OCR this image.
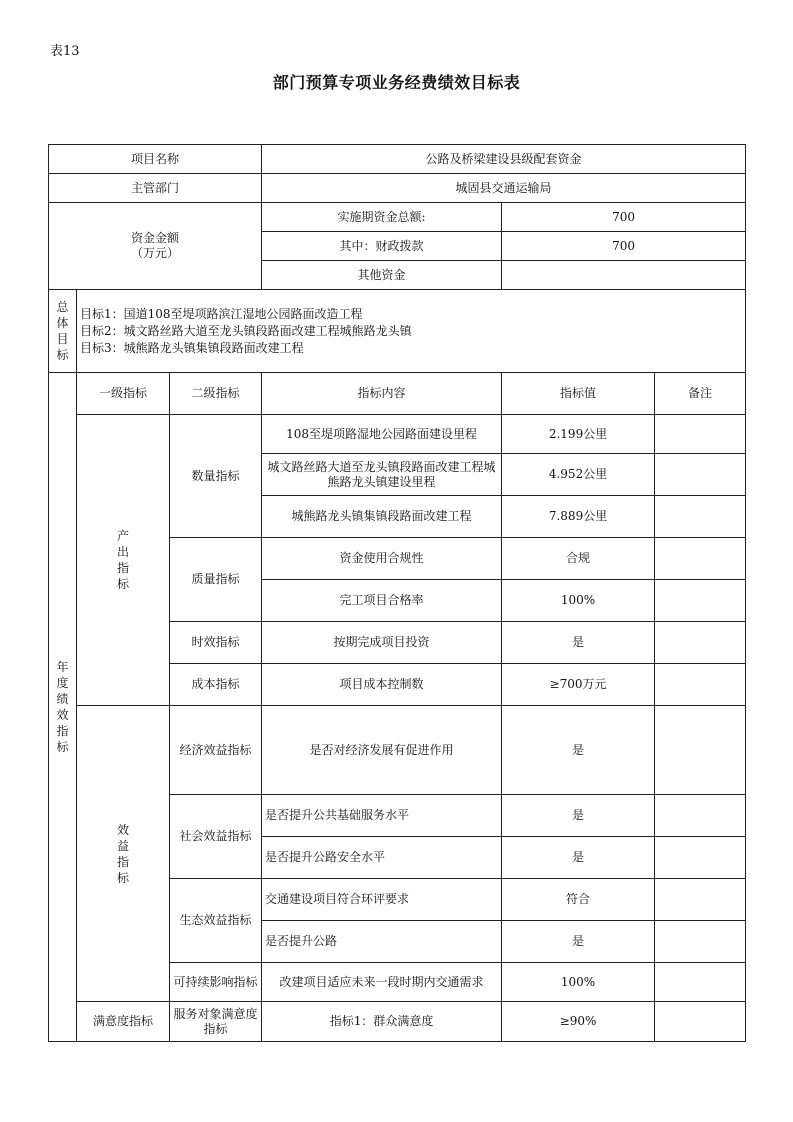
表13
部门预算专项业务经费绩效目标表
项目名称			公路及桥梁建设县级配套资金		
主管部门			城固县交通运输局		

资金金额
（万元）			实施期资金总额:	700	
			其中：财政拨款	700	
			其他资金		
总体目标	目标1：国道108至堤项路滨江湿地公园路面改造工程
目标2：城文路丝路大道至龙头镇段路面改建工程城熊路龙头镇
目标3：城熊路龙头镇集镇段路面改建工程				

年度绩效指标	一级指标	二级指标	指标内容	指标值	备注
	产出指标	数量指标	108至堤项路湿地公园路面建设里程	2.199公里	
			城文路丝路大道至龙头镇段路面改建工程城熊路龙头镇建设里程	4.952公里	
			城熊路龙头镇集镇段路面改建工程	7.889公里	
		质量指标	资金使用合规性	合规	
			完工项目合格率	100%	
		时效指标	按期完成项目投资	是	
		成本指标	项目成本控制数	≥700万元	
	效益指标	经济效益指标	是否对经济发展有促进作用	是	
		社会效益指标	是否提升公共基础服务水平	是	
			是否提升公路安全水平	是	
		生态效益指标	交通建设项目符合环评要求	符合	
			是否提升公路	是	
		可持续影响指标	改建项目适应未来一段时期内交通需求	100%	
	满意度指标	服务对象满意度指标	指标1：群众满意度	≥90%	
